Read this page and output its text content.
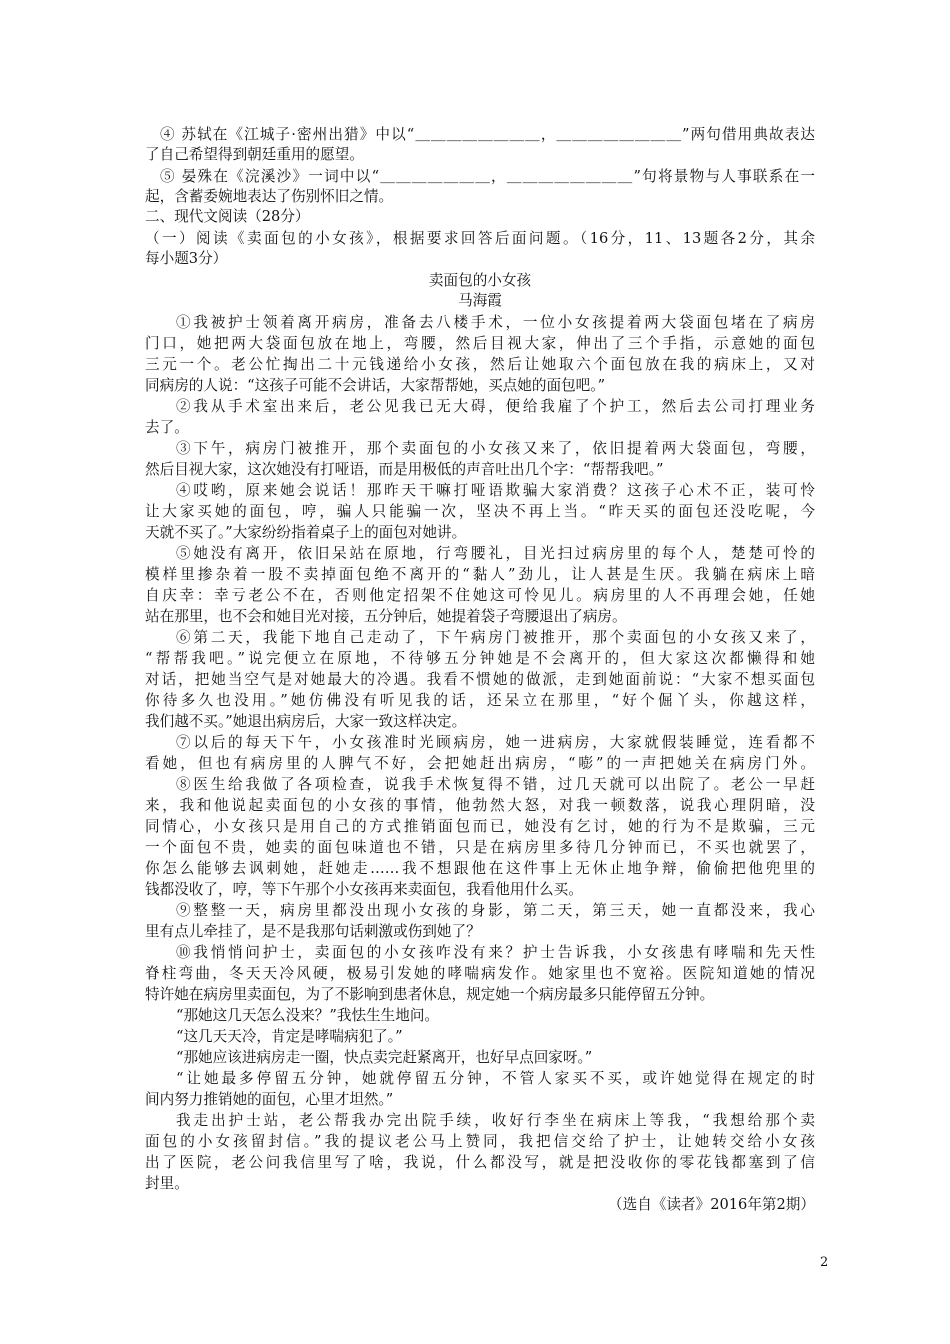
④ 苏轼在《江城子·密州出猎》中以“＿＿＿＿＿＿＿＿，＿＿＿＿＿＿＿＿”两句借用典故表达
了自己希望得到朝廷重用的愿望。
⑤ 晏殊在《浣溪沙》一词中以“＿＿＿＿＿＿＿，＿＿＿＿＿＿＿＿”句将景物与人事联系在一
起，含蓄委婉地表达了伤别怀旧之情。
二、现代文阅读（28分）
（一）阅读《卖面包的小女孩》，根据要求回答后面问题。（16分，11、13题各2分，其余
每小题3分）
卖面包的小女孩
马海霞
①我被护士领着离开病房，准备去八楼手术，一位小女孩提着两大袋面包堵在了病房
门口，她把两大袋面包放在地上，弯腰，然后目视大家，伸出了三个手指，示意她的面包
三元一个。老公忙掏出二十元钱递给小女孩，然后让她取六个面包放在我的病床上，又对
同病房的人说：“这孩子可能不会讲话，大家帮帮她，买点她的面包吧。”
②我从手术室出来后，老公见我已无大碍，便给我雇了个护工，然后去公司打理业务
去了。
③下午，病房门被推开，那个卖面包的小女孩又来了，依旧提着两大袋面包，弯腰，
然后目视大家，这次她没有打哑语，而是用极低的声音吐出几个字：“帮帮我吧。”
④哎哟，原来她会说话！那昨天干嘛打哑语欺骗大家消费？这孩子心术不正，装可怜
让大家买她的面包，哼，骗人只能骗一次，坚决不再上当。“昨天买的面包还没吃呢，今
天就不买了。”大家纷纷指着桌子上的面包对她讲。
⑤她没有离开，依旧呆站在原地，行弯腰礼，目光扫过病房里的每个人，楚楚可怜的
模样里掺杂着一股不卖掉面包绝不离开的“黏人”劲儿，让人甚是生厌。我躺在病床上暗
自庆幸：幸亏老公不在，否则他定招架不住她这可怜见儿。病房里的人不再理会她，任她
站在那里，也不会和她目光对接，五分钟后，她提着袋子弯腰退出了病房。
⑥第二天，我能下地自己走动了，下午病房门被推开，那个卖面包的小女孩又来了，
“帮帮我吧。”说完便立在原地，不待够五分钟她是不会离开的，但大家这次都懒得和她
对话，把她当空气是对她最大的冷遇。我看不惯她的做派，走到她面前说：“大家不想买面包
你待多久也没用。”她仿佛没有听见我的话，还呆立在那里，“好个倔丫头，你越这样，
我们越不买。”她退出病房后，大家一致这样决定。
⑦以后的每天下午，小女孩准时光顾病房，她一进病房，大家就假装睡觉，连看都不
看她，但也有病房里的人脾气不好，会把她赶出病房，“嘭”的一声把她关在病房门外。
⑧医生给我做了各项检查，说我手术恢复得不错，过几天就可以出院了。老公一早赶
来，我和他说起卖面包的小女孩的事情，他勃然大怒，对我一顿数落，说我心理阴暗，没
同情心，小女孩只是用自己的方式推销面包而已，她没有乞讨，她的行为不是欺骗，三元
一个面包不贵，她卖的面包味道也不错，只是在病房里多待几分钟而已，不买也就罢了，
你怎么能够去讽刺她，赶她走……我不想跟他在这件事上无休止地争辩，偷偷把他兜里的
钱都没收了，哼，等下午那个小女孩再来卖面包，我看他用什么买。
⑨整整一天，病房里都没出现小女孩的身影，第二天，第三天，她一直都没来，我心
里有点儿牵挂了，是不是我那句话刺激或伤到她了？
⑩我悄悄问护士，卖面包的小女孩咋没有来？护士告诉我，小女孩患有哮喘和先天性
脊柱弯曲，冬天天冷风硬，极易引发她的哮喘病发作。她家里也不宽裕。医院知道她的情况
特许她在病房里卖面包，为了不影响到患者休息，规定她一个病房最多只能停留五分钟。
“那她这几天怎么没来？”我怯生生地问。
“这几天天冷，肯定是哮喘病犯了。”
“那她应该进病房走一圈，快点卖完赶紧离开，也好早点回家呀。”
“让她最多停留五分钟，她就停留五分钟，不管人家买不买，或许她觉得在规定的时
间内努力推销她的面包，心里才坦然。”
我走出护士站，老公帮我办完出院手续，收好行李坐在病床上等我，“我想给那个卖
面包的小女孩留封信。”我的提议老公马上赞同，我把信交给了护士，让她转交给小女孩
出了医院，老公问我信里写了啥，我说，什么都没写，就是把没收你的零花钱都塞到了信
封里。
（选自《读者》2016年第2期）
2
